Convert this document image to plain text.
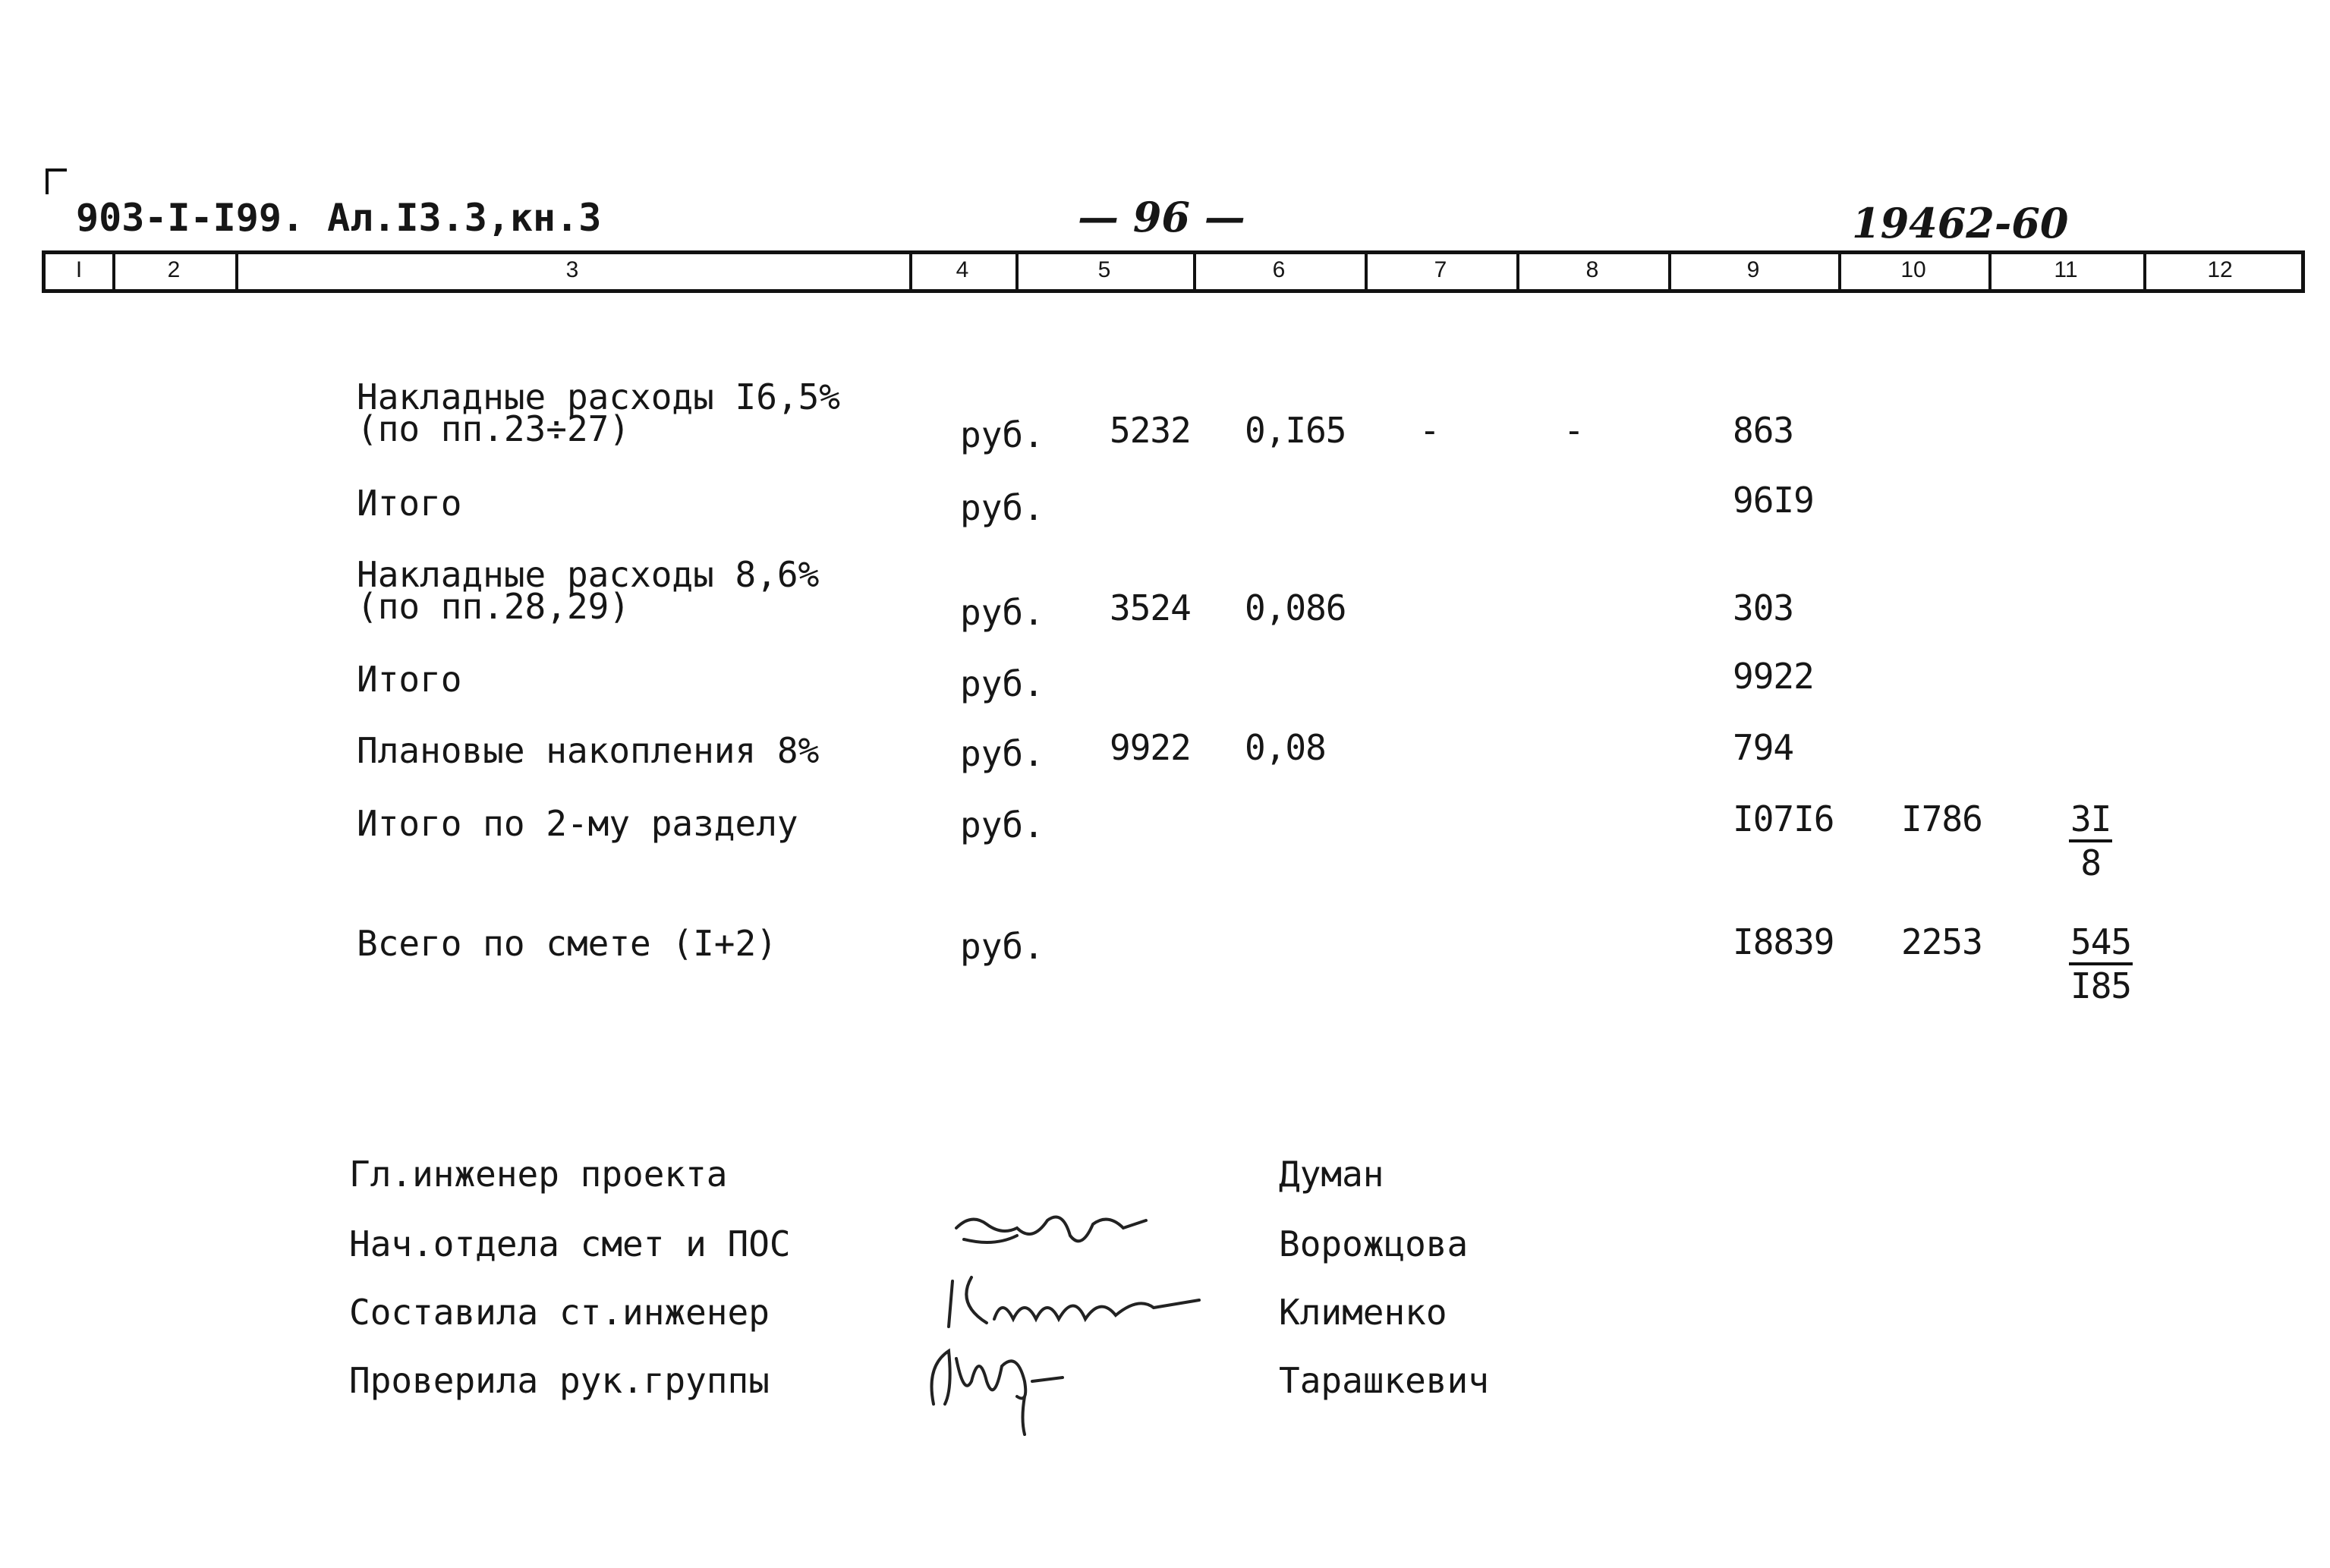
903-I-I99. Ал.I3.3,кн.3	— 96 —	19462-60
I	2	3	4	5	6	7	8	9	10	11	12
Накладные расходы I6,5%
(по пп.23÷27)	руб. 5232 0,I65 -	-	863
Итого	руб.	96I9
Накладные расходы 8,6%
(по пп.28,29)	руб. 3524 0,086	303
Итого	руб.	9922
Плановые накопления 8%	руб. 9922 0,08	794
Итого по 2-му разделу	руб.	I07I6 $I786 \frac{3I}{8}$
Всего по смете (I+2)	руб.	I8839 $2253 \frac{545}{I85}$
Гл.инженер проекта	Думан
Нач.отдела смет и ПОС	Ворожцова
Составила ст.инженер	Клименко
Проверила рук.группы	Тарашкевич
